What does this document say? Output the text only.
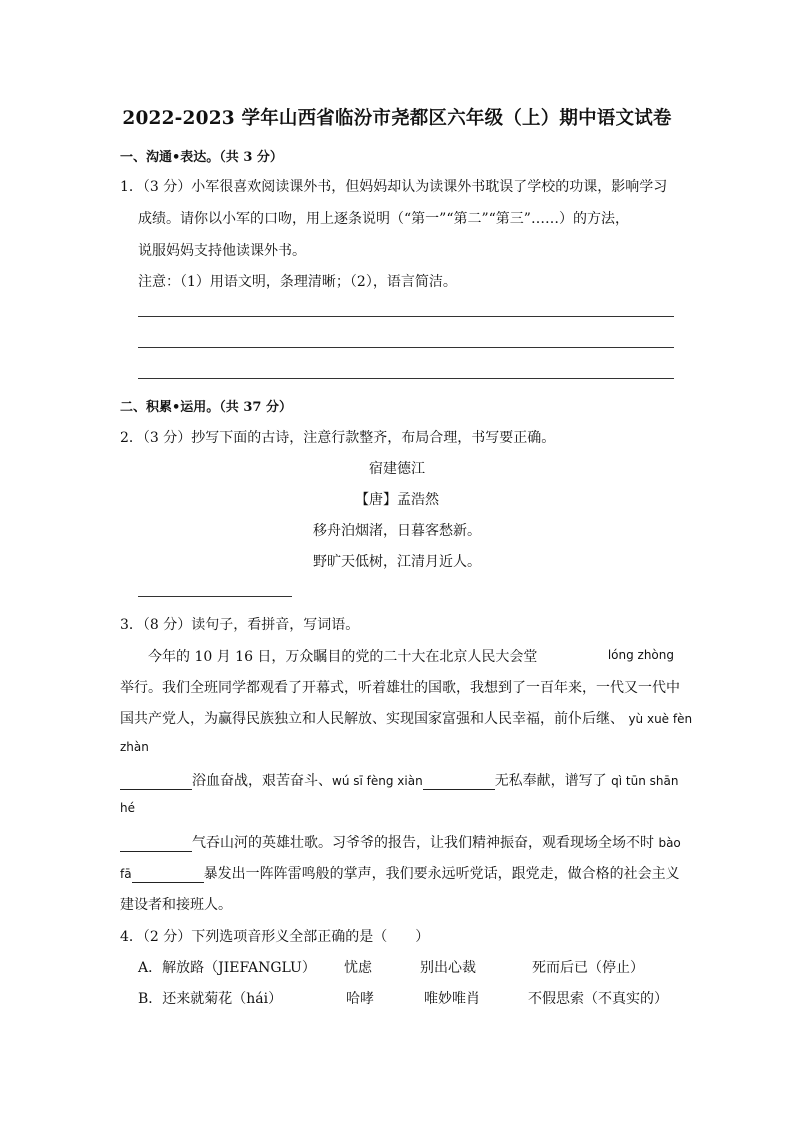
2022-2023 学年山西省临汾市尧都区六年级（上）期中语文试卷
一、沟通•表达。（共 3 分）
1．（3 分）小军很喜欢阅读课外书，但妈妈却认为读课外书耽误了学校的功课，影响学习
成绩。请你以小军的口吻，用上逐条说明（“第一”“第二”“第三”……）的方法，
说服妈妈支持他读课外书。
注意：（1）用语文明，条理清晰；（2），语言简洁。
二、积累•运用。（共 37 分）
2．（3 分）抄写下面的古诗，注意行款整齐，布局合理，书写要正确。
宿建德江
【唐】孟浩然
移舟泊烟渚，日暮客愁新。
野旷天低树，江清月近人。
3．（8 分）读句子，看拼音，写词语。
今年的 10 月 16 日，万众瞩目的党的二十大在北京人民大会堂	lóng zhòng
举行。我们全班同学都观看了开幕式，听着雄壮的国歌，我想到了一百年来，一代又一代中
国共产党人，为赢得民族独立和人民解放、实现国家富强和人民幸福，前仆后继、 yù xuè fèn
zhàn
浴血奋战，艰苦奋斗、wú sī fèng xiàn	无私奉献，谱写了 qì tūn shān
hé
气吞山河的英雄壮歌。习爷爷的报告，让我们精神振奋，观看现场全场不时 bào
fā	暴发出一阵阵雷鸣般的掌声，我们要永远听党话，跟党走，做合格的社会主义
建设者和接班人。
4．（2 分）下列选项音形义全部正确的是（　　）
A．解放路（JIEFANGLU） 忧虑	别出心裁	死而后已（停止）
B．还来就菊花（hái）	哈哮	唯妙唯肖	不假思索（不真实的）
